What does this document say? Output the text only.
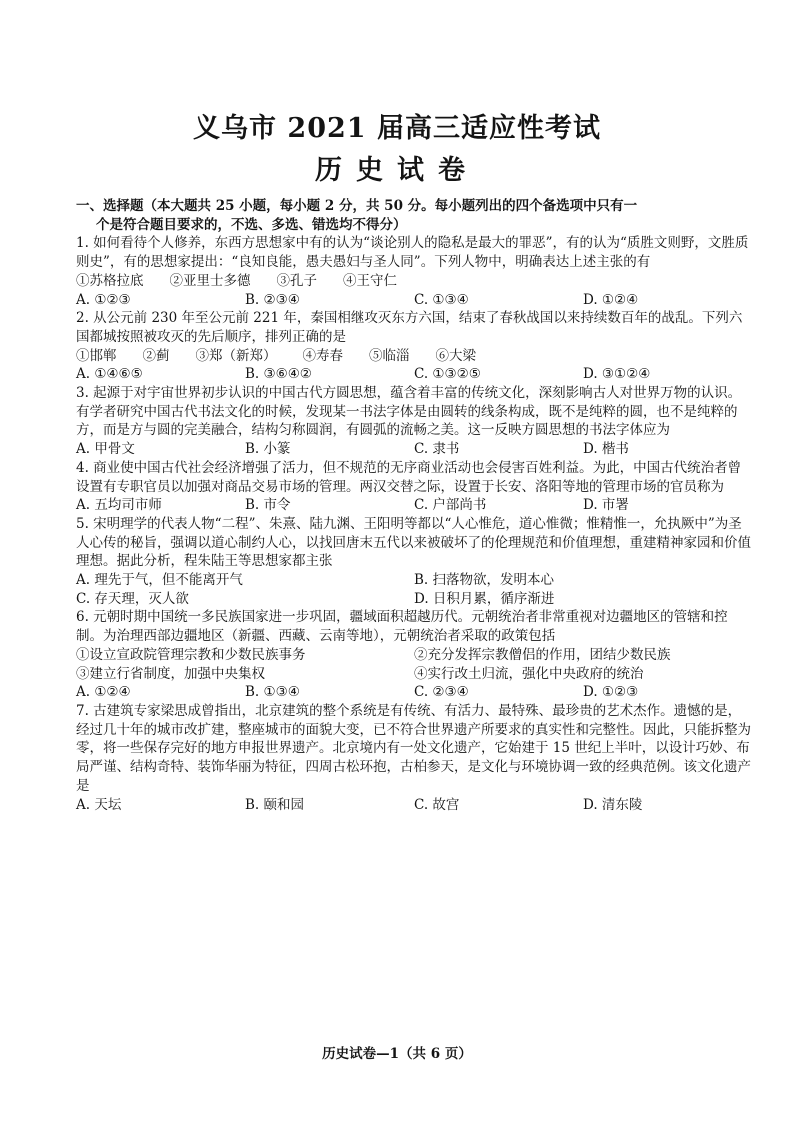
义乌市 2021 届高三适应性考试
历史试卷
一、选择题（本大题共 25 小题，每小题 2 分，共 50 分。每小题列出的四个备选项中只有一
个是符合题目要求的，不选、多选、错选均不得分）
1. 如何看待个人修养，东西方思想家中有的认为“谈论别人的隐私是最大的罪恶”，有的认为“质胜文则野，文胜质则史”，有的思想家提出：“良知良能，愚夫愚妇与圣人同”。下列人物中，明确表达上述主张的有
①苏格拉底 ②亚里士多德 ③孔子 ④王守仁
A. ①②③	B. ②③④	C. ①③④	D. ①②④
2. 从公元前 230 年至公元前 221 年，秦国相继攻灭东方六国，结束了春秋战国以来持续数百年的战乱。下列六国都城按照被攻灭的先后顺序，排列正确的是
①邯郸 ②蓟 ③郑（新郑） ④寿春 ⑤临淄 ⑥大梁
A. ①④⑥⑤	B. ③⑥④②	C. ①③②⑤	D. ③①②④
3. 起源于对宇宙世界初步认识的中国古代方圆思想，蕴含着丰富的传统文化，深刻影响古人对世界万物的认识。有学者研究中国古代书法文化的时候，发现某一书法字体是由圆转的线条构成，既不是纯粹的圆，也不是纯粹的方，而是方与圆的完美融合，结构匀称圆润，有圆弧的流畅之美。这一反映方圆思想的书法字体应为
A. 甲骨文	B. 小篆	C. 隶书	D. 楷书
4. 商业使中国古代社会经济增强了活力，但不规范的无序商业活动也会侵害百姓利益。为此，中国古代统治者曾设置有专职官员以加强对商品交易市场的管理。两汉交替之际，设置于长安、洛阳等地的管理市场的官员称为
A. 五均司市师	B. 市令	C. 户部尚书	D. 市署
5. 宋明理学的代表人物“二程”、朱熹、陆九渊、王阳明等都以“人心惟危，道心惟微；惟精惟一，允执厥中”为圣人心传的秘旨，强调以道心制约人心，以找回唐末五代以来被破坏了的伦理规范和价值理想，重建精神家园和价值理想。据此分析，程朱陆王等思想家都主张
A. 理先于气，但不能离开气	B. 扫落物欲，发明本心
C. 存天理，灭人欲	D. 日积月累，循序渐进
6. 元朝时期中国统一多民族国家进一步巩固，疆域面积超越历代。元朝统治者非常重视对边疆地区的管辖和控制。为治理西部边疆地区（新疆、西藏、云南等地），元朝统治者采取的政策包括
①设立宣政院管理宗教和少数民族事务	②充分发挥宗教僧侣的作用，团结少数民族
③建立行省制度，加强中央集权	④实行改土归流，强化中央政府的统治
A. ①②④	B. ①③④	C. ②③④	D. ①②③
7. 古建筑专家梁思成曾指出，北京建筑的整个系统是有传统、有活力、最特殊、最珍贵的艺术杰作。遗憾的是，经过几十年的城市改扩建，整座城市的面貌大变，已不符合世界遗产所要求的真实性和完整性。因此，只能拆整为零，将一些保存完好的地方申报世界遗产。北京境内有一处文化遗产，它始建于 15 世纪上半叶，以设计巧妙、布局严谨、结构奇特、装饰华丽为特征，四周古松环抱，古柏参天，是文化与环境协调一致的经典范例。该文化遗产是
A. 天坛	B. 颐和园	C. 故宫	D. 清东陵
历史试卷—1（共 6 页）
